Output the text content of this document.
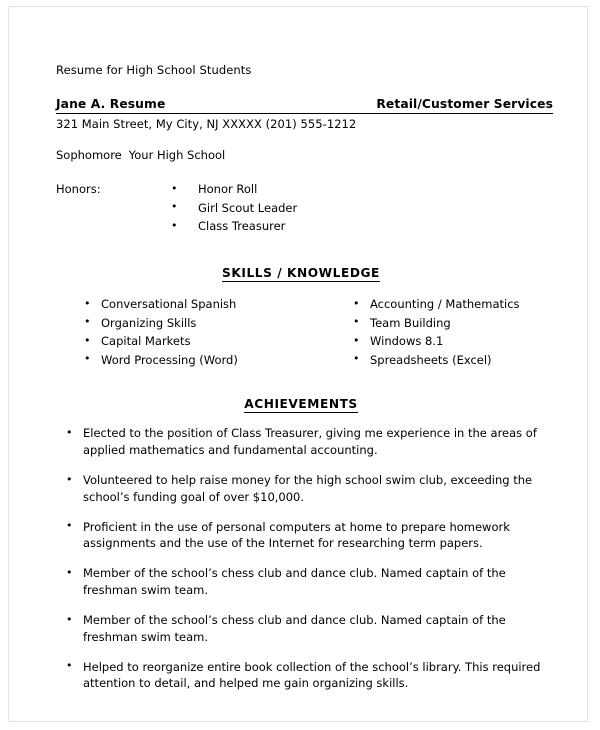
Resume for High School Students
Jane A. Resume	Retail/Customer Services
321 Main Street, My City, NJ XXXXX (201) 555-1212
Sophomore Your High School
Honors:	• Honor Roll
• Girl Scout Leader
• Class Treasurer
SKILLS / KNOWLEDGE
• Conversational Spanish
• Organizing Skills
• Capital Markets
• Word Processing (Word)
• Accounting / Mathematics
• Team Building
• Windows 8.1
• Spreadsheets (Excel)
ACHIEVEMENTS
• Elected to the position of Class Treasurer, giving me experience in the areas of applied mathematics and fundamental accounting.
• Volunteered to help raise money for the high school swim club, exceeding the school’s funding goal of over $10,000.
• Proficient in the use of personal computers at home to prepare homework assignments and the use of the Internet for researching term papers.
• Member of the school’s chess club and dance club. Named captain of the freshman swim team.
• Member of the school’s chess club and dance club. Named captain of the freshman swim team.
• Helped to reorganize entire book collection of the school’s library. This required attention to detail, and helped me gain organizing skills.
